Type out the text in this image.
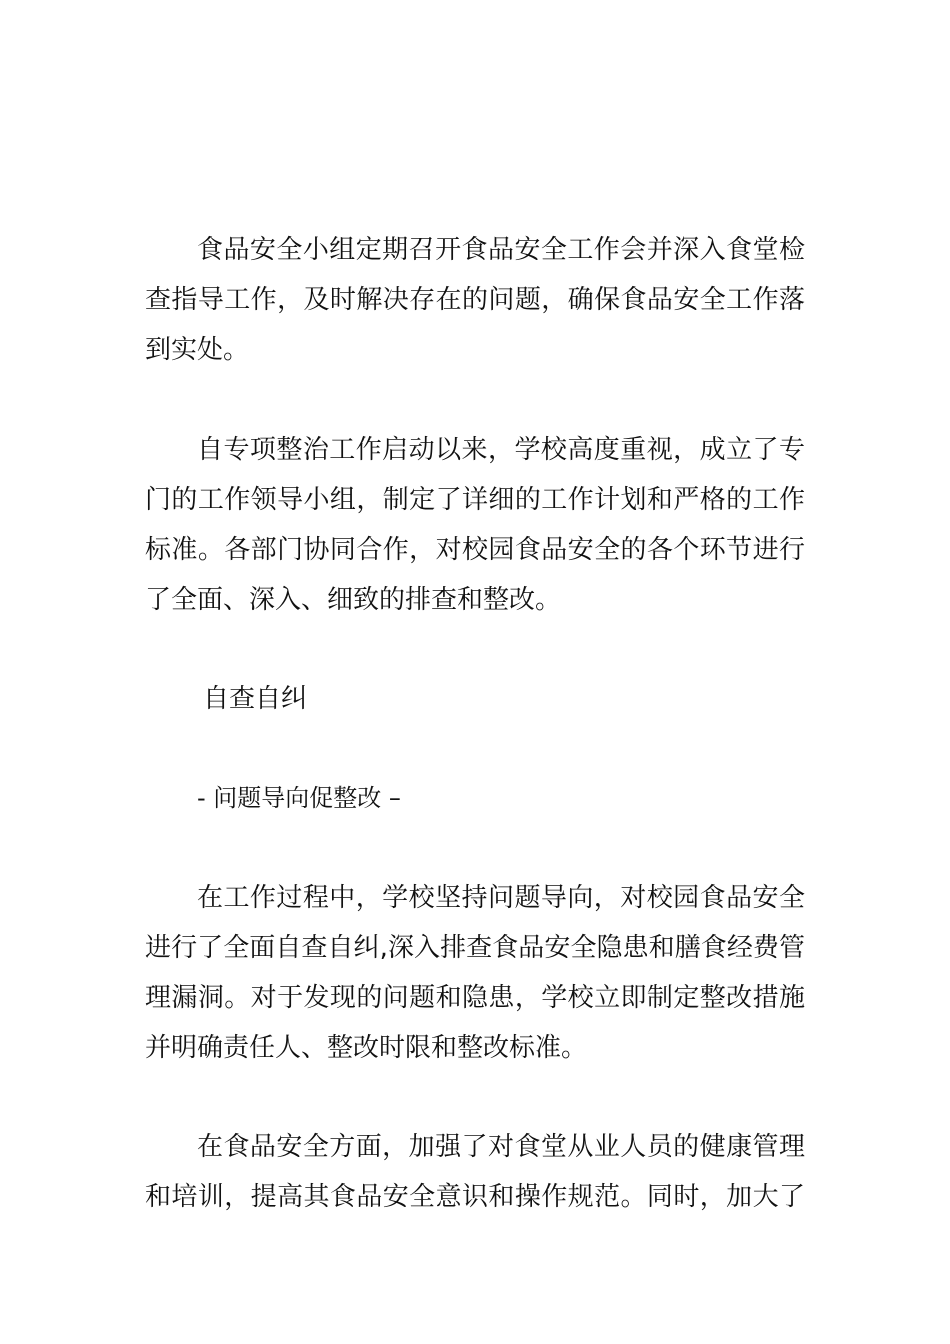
食品安全小组定期召开食品安全工作会并深入食堂检
查指导工作，及时解决存在的问题，确保食品安全工作落
到实处。

自专项整治工作启动以来，学校高度重视，成立了专
门的工作领导小组，制定了详细的工作计划和严格的工作
标准。各部门协同合作，对校园食品安全的各个环节进行
了全面、深入、细致的排查和整改。

自查自纠
- 问题导向促整改 –

在工作过程中，学校坚持问题导向，对校园食品安全
进行了全面自查自纠,深入排查食品安全隐患和膳食经费管
理漏洞。对于发现的问题和隐患，学校立即制定整改措施
并明确责任人、整改时限和整改标准。

在食品安全方面，加强了对食堂从业人员的健康管理
和培训，提高其食品安全意识和操作规范。同时，加大了
